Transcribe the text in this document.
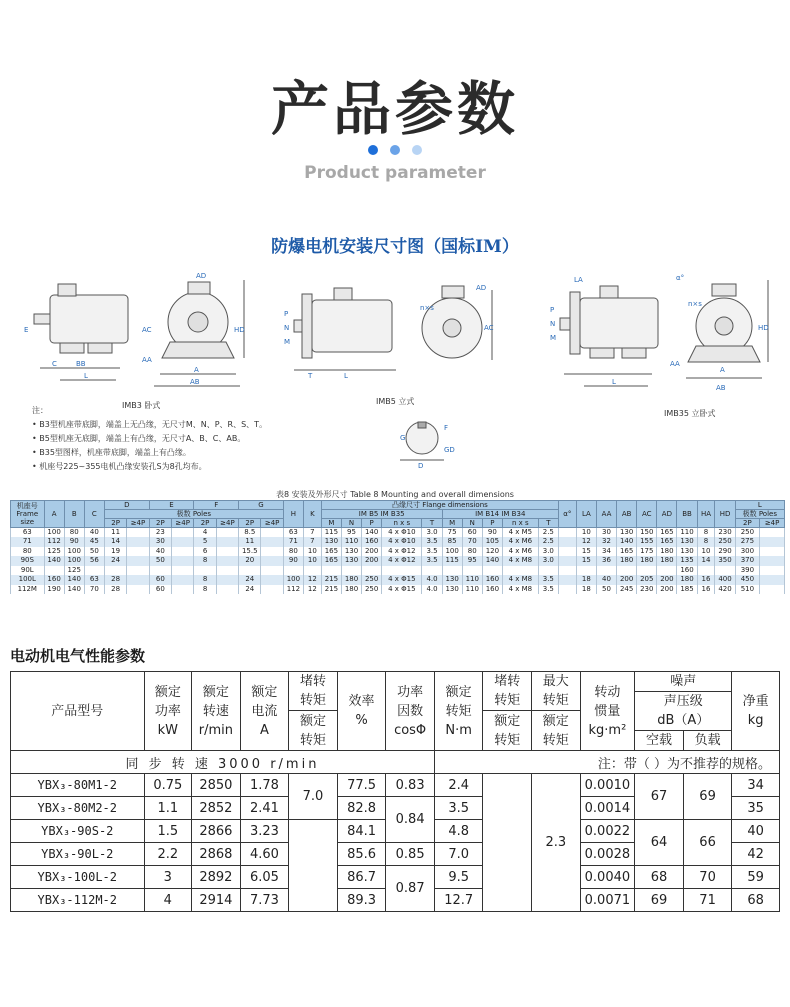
产品参数
Product parameter
防爆电机安装尺寸图（国标IM）
E
C	BB
L
A
AB
AA
AC	HD
AD
IMB3 卧式
P
N
M
T	L
n×s
AD
AC
G
F
D
GD
IMB5 立式
P
N
M
LA
n×s
α°
A
AB
AA
HD
L
IMB35 立卧式
注：
• B3型机座带底脚，端盖上无凸缘，无尺寸M、N、P、R、S、T。
• B5型机座无底脚，端盖上有凸缘，无尺寸A、B、C、AB。
• B35型图样，机座带底脚，端盖上有凸缘。
• 机座号225~355电机凸缘安装孔S为8孔均布。
表8 安装及外形尺寸 Table 8 Mounting and overall dimensions
机座号
Frame size	A	B	C	D		E		F		G		H	K	凸缘尺寸 Flange dimensions										α°	LA	AA	AB	AC	AD	BB	HA	HD	L	
				极数 Poles										IM B5 IM B35					IM B14 IM B34														极数 Poles	
				2P	≥4P	2P	≥4P	2P	≥4P	2P	≥4P			M	N	P	n x s	T	M	N	P	n x s	T										2P	≥4P
63	100	80	40	11		23		4		8.5		63	7	115	95	140	4 x Φ10	3.0	75	60	90	4 x M5	2.5		10	30	130	150	165	110	8	230	250	
71	112	90	45	14		30		5		11		71	7	130	110	160	4 x Φ10	3.5	85	70	105	4 x M6	2.5		12	32	140	155	165	130	8	250	275	
80	125	100	50	19		40		6		15.5		80	10	165	130	200	4 x Φ12	3.5	100	80	120	4 x M6	3.0		15	34	165	175	180	130	10	290	300	
90S	140	100	56	24		50		8		20		90	10	165	130	200	4 x Φ12	3.5	115	95	140	4 x M8	3.0		15	36	180	180	180	135	14	350	370	
90L		125																												160			390	
100L	160	140	63	28		60		8		24		100	12	215	180	250	4 x Φ15	4.0	130	110	160	4 x M8	3.5		18	40	200	205	200	180	16	400	450	
112M	190	140	70	28		60		8		24		112	12	215	180	250	4 x Φ15	4.0	130	110	160	4 x M8	3.5		18	50	245	230	200	185	16	420	510	
电动机电气性能参数
产品型号	额定
功率
kW	额定
转速
r/min	额定
电流
A	堵转
转矩	效率
%	功率
因数
cosΦ	额定
转矩
N·m	堵转
转矩	最大
转矩	转动
惯量
kg·m²	噪声		净重
kg
											声压级
dB（A）		
				额定
转矩				额定
转矩	额定
转矩				
											空载	负载	
同 步 转 速 3000 r/min							注：带（ ）为不推荐的规格。						
YBX₃-80M1-2	0.75	2850	1.78	7.0	77.5	0.83	2.4		2.3	0.0010	67	69	34
YBX₃-80M2-2	1.1	2852	2.41		82.8	0.84	3.5			0.0014			35
YBX₃-90S-2	1.5	2866	3.23		84.1		4.8			0.0022	64	66	40
YBX₃-90L-2	2.2	2868	4.60		85.6	0.85	7.0			0.0028			42
YBX₃-100L-2	3	2892	6.05		86.7	0.87	9.5			0.0040	68	70	59
YBX₃-112M-2	4	2914	7.73		89.3		12.7			0.0071	69	71	68
